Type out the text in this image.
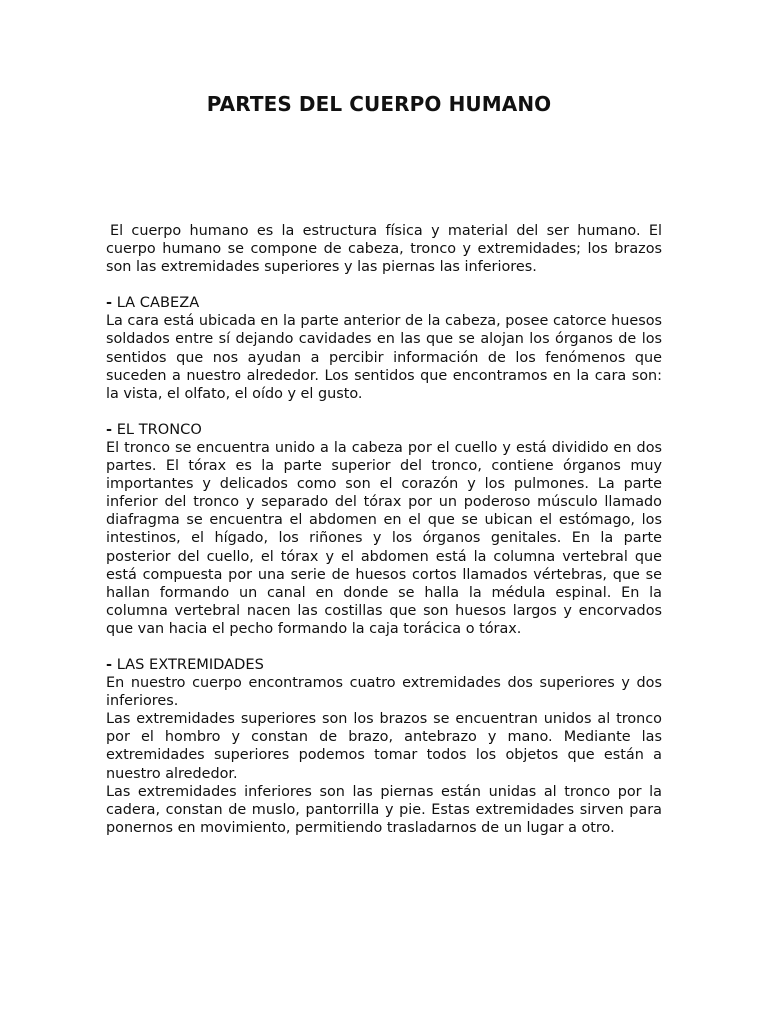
PARTES DEL CUERPO HUMANO

El cuerpo humano es la estructura física y material del ser humano. El cuerpo humano se compone de cabeza, tronco y extremidades; los brazos son las extremidades superiores y las piernas las inferiores.

- LA CABEZA

La cara está ubicada en la parte anterior de la cabeza, posee catorce huesos soldados entre sí dejando cavidades en las que se alojan los órganos de los sentidos que nos ayudan a percibir información de los fenómenos que suceden a nuestro alrededor. Los sentidos que encontramos en la cara son: la vista, el olfato, el oído y el gusto.

- EL TRONCO

El tronco se encuentra unido a la cabeza por el cuello y está dividido en dos partes. El tórax es la parte superior del tronco, contiene órganos muy importantes y delicados como son el corazón y los pulmones. La parte inferior del tronco y separado del tórax por un poderoso músculo llamado diafragma se encuentra el abdomen en el que se ubican el estómago, los intestinos, el hígado, los riñones y los órganos genitales. En la parte posterior del cuello, el tórax y el abdomen está la columna vertebral que está compuesta por una serie de huesos cortos llamados vértebras, que se hallan formando un canal en donde se halla la médula espinal. En la columna vertebral nacen las costillas que son huesos largos y encorvados que van hacia el pecho formando la caja torácica o tórax.

- LAS EXTREMIDADES

En nuestro cuerpo encontramos cuatro extremidades dos superiores y dos inferiores.

Las extremidades superiores son los brazos se encuentran unidos al tronco por el hombro y constan de brazo, antebrazo y mano. Mediante las extremidades superiores podemos tomar todos los objetos que están a nuestro alrededor.

Las extremidades inferiores son las piernas están unidas al tronco por la cadera, constan de muslo, pantorrilla y pie. Estas extremidades sirven para ponernos en movimiento, permitiendo trasladarnos de un lugar a otro.
